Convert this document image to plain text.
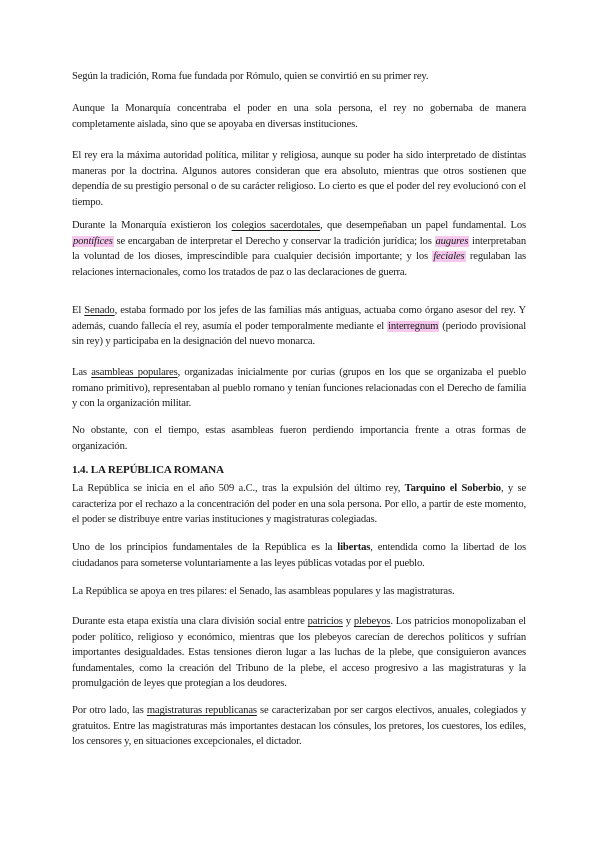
Según la tradición, Roma fue fundada por Rómulo, quien se convirtió en su primer rey.

Aunque la Monarquía concentraba el poder en una sola persona, el rey no gobernaba de manera completamente aislada, sino que se apoyaba en diversas instituciones.

El rey era la máxima autoridad política, militar y religiosa, aunque su poder ha sido interpretado de distintas maneras por la doctrina. Algunos autores consideran que era absoluto, mientras que otros sostienen que dependía de su prestigio personal o de su carácter religioso. Lo cierto es que el poder del rey evolucionó con el tiempo.

Durante la Monarquía existieron los colegios sacerdotales, que desempeñaban un papel fundamental. Los pontífices se encargaban de interpretar el Derecho y conservar la tradición jurídica; los augures interpretaban la voluntad de los dioses, imprescindible para cualquier decisión importante; y los feciales regulaban las relaciones internacionales, como los tratados de paz o las declaraciones de guerra.

El Senado, estaba formado por los jefes de las familias más antiguas, actuaba como órgano asesor del rey. Y además, cuando fallecía el rey, asumía el poder temporalmente mediante el interregnum (periodo provisional sin rey) y participaba en la designación del nuevo monarca.

Las asambleas populares, organizadas inicialmente por curias (grupos en los que se organizaba el pueblo romano primitivo), representaban al pueblo romano y tenían funciones relacionadas con el Derecho de familia y con la organización militar.

No obstante, con el tiempo, estas asambleas fueron perdiendo importancia frente a otras formas de organización.

1.4. LA REPÚBLICA ROMANA

La República se inicia en el año 509 a.C., tras la expulsión del último rey, Tarquino el Soberbio, y se caracteriza por el rechazo a la concentración del poder en una sola persona. Por ello, a partir de este momento, el poder se distribuye entre varias instituciones y magistraturas colegiadas.

Uno de los principios fundamentales de la República es la libertas, entendida como la libertad de los ciudadanos para someterse voluntariamente a las leyes públicas votadas por el pueblo.

La República se apoya en tres pilares: el Senado, las asambleas populares y las magistraturas.

Durante esta etapa existía una clara división social entre patricios y plebeyos. Los patricios monopolizaban el poder político, religioso y económico, mientras que los plebeyos carecían de derechos políticos y sufrían importantes desigualdades. Estas tensiones dieron lugar a las luchas de la plebe, que consiguieron avances fundamentales, como la creación del Tribuno de la plebe, el acceso progresivo a las magistraturas y la promulgación de leyes que protegían a los deudores.

Por otro lado, las magistraturas republicanas se caracterizaban por ser cargos electivos, anuales, colegiados y gratuitos. Entre las magistraturas más importantes destacan los cónsules, los pretores, los cuestores, los ediles, los censores y, en situaciones excepcionales, el dictador.
